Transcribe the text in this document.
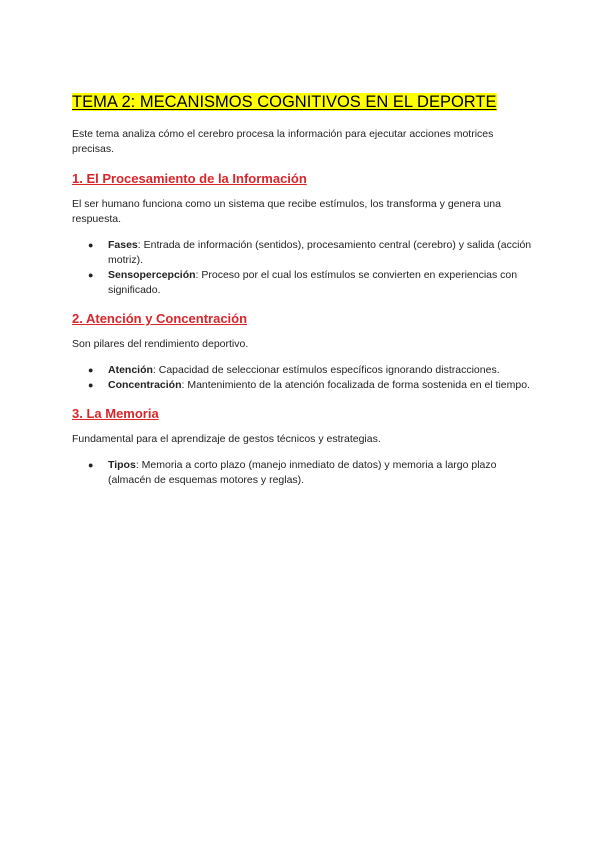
TEMA 2: MECANISMOS COGNITIVOS EN EL DEPORTE

Este tema analiza cómo el cerebro procesa la información para ejecutar acciones motrices precisas.

1. El Procesamiento de la Información

El ser humano funciona como un sistema que recibe estímulos, los transforma y genera una respuesta.

● Fases: Entrada de información (sentidos), procesamiento central (cerebro) y salida (acción motriz).
● Sensopercepción: Proceso por el cual los estímulos se convierten en experiencias con significado.
2. Atención y Concentración

Son pilares del rendimiento deportivo.

● Atención: Capacidad de seleccionar estímulos específicos ignorando distracciones.
● Concentración: Mantenimiento de la atención focalizada de forma sostenida en el tiempo.
3. La Memoria

Fundamental para el aprendizaje de gestos técnicos y estrategias.

● Tipos: Memoria a corto plazo (manejo inmediato de datos) y memoria a largo plazo (almacén de esquemas motores y reglas).
